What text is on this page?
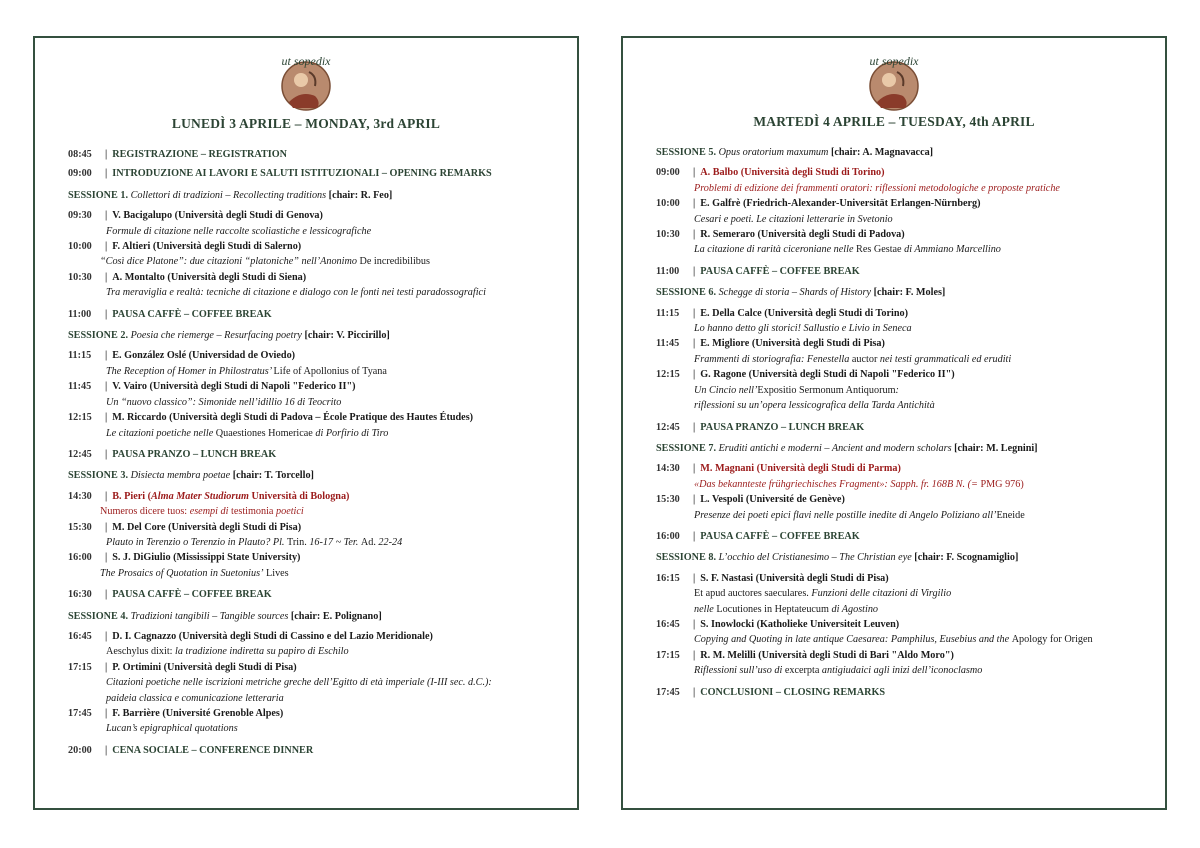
ut sopedix
LUNEDÌ 3 APRILE – MONDAY, 3rd APRIL
08:45	| REGISTRAZIONE – REGISTRATION
09:00	| INTRODUZIONE AI LAVORI E SALUTI ISTITUZIONALI – OPENING REMARKS
SESSIONE 1.
Collettori di tradizioni – Recollecting traditions
[chair: R. Feo]
09:30	| V. Bacigalupo (Università degli Studi di Genova)
Formule di citazione nelle raccolte scoliastiche e lessicografiche
10:00	| F. Altieri (Università degli Studi di Salerno)
“Così dice Platone”: due citazioni “platoniche” nell’Anonimo De incredibilibus
10:30	| A. Montalto (Università degli Studi di Siena)
Tra meraviglia e realtà: tecniche di citazione e dialogo con le fonti nei testi paradossografici
11:00	| PAUSA CAFFÈ – COFFEE BREAK
SESSIONE 2.
Poesia che riemerge – Resurfacing poetry
[chair: V. Piccirillo]
11:15	| E. González Oslé (Universidad de Oviedo)
The Reception of Homer in Philostratus’ Life of Apollonius of Tyana
11:45	| V. Vairo (Università degli Studi di Napoli "Federico II")
Un “nuovo classico”: Simonide nell’idillio 16 di Teocrito
12:15	| M. Riccardo (Università degli Studi di Padova – École Pratique des Hautes Études)
Le citazioni poetiche nelle Quaestiones Homericae di Porfirio di Tiro
12:45	| PAUSA PRANZO – LUNCH BREAK
SESSIONE 3.
Disiecta membra poetae
[chair: T. Torcello]
14:30	| B. Pieri (Alma Mater Studiorum Università di Bologna)
Numeros dicere tuos: esempi di testimonia poetici
15:30	| M. Del Core (Università degli Studi di Pisa)
Plauto in Terenzio o Terenzio in Plauto? Pl. Trin. 16-17 ~ Ter. Ad. 22-24
16:00	| S. J. DiGiulio (Mississippi State University)
The Prosaics of Quotation in Suetonius’ Lives
16:30	| PAUSA CAFFÈ – COFFEE BREAK
SESSIONE 4.
Tradizioni tangibili – Tangible sources
[chair: E. Polignano]
16:45	| D. I. Cagnazzo (Università degli Studi di Cassino e del Lazio Meridionale)
Aeschylus dixit: la tradizione indiretta su papiro di Eschilo
17:15	| P. Ortimini (Università degli Studi di Pisa)
Citazioni poetiche nelle iscrizioni metriche greche dell’Egitto di età imperiale (I-III sec. d.C.):
paideia classica e comunicazione letteraria
17:45	| F. Barrière (Université Grenoble Alpes)
Lucan’s epigraphical quotations
20:00	| CENA SOCIALE – CONFERENCE DINNER
ut sopedix
MARTEDÌ 4 APRILE – TUESDAY, 4th APRIL
SESSIONE 5.
Opus oratorium maxumum
[chair: A. Magnavacca]
09:00	| A. Balbo (Università degli Studi di Torino)
Problemi di edizione dei frammenti oratori: riflessioni metodologiche e proposte pratiche
10:00	| E. Galfrè (Friedrich-Alexander-Universität Erlangen-Nürnberg)
Cesari e poeti. Le citazioni letterarie in Svetonio
10:30	| R. Semeraro (Università degli Studi di Padova)
La citazione di rarità ciceroniane nelle Res Gestae di Ammiano Marcellino
11:00	| PAUSA CAFFÈ – COFFEE BREAK
SESSIONE 6.
Schegge di storia – Shards of History
[chair: F. Moles]
11:15	| E. Della Calce (Università degli Studi di Torino)
Lo hanno detto gli storici! Sallustio e Livio in Seneca
11:45	| E. Migliore (Università degli Studi di Pisa)
Frammenti di storiografia: Fenestella auctor nei testi grammaticali ed eruditi
12:15	| G. Ragone (Università degli Studi di Napoli "Federico II")
Un Cincio nell’Expositio Sermonum Antiquorum:
riflessioni su un’opera lessicografica della Tarda Antichità
12:45	| PAUSA PRANZO – LUNCH BREAK
SESSIONE 7.
Eruditi antichi e moderni – Ancient and modern scholars
[chair: M. Legnini]
14:30	| M. Magnani (Università degli Studi di Parma)
«Das bekannteste frühgriechisches Fragment»: Sapph. fr. 168B N. (= PMG 976)
15:30	| L. Vespoli (Université de Genève)
Presenze dei poeti epici flavi nelle postille inedite di Angelo Poliziano all’Eneide
16:00	| PAUSA CAFFÈ – COFFEE BREAK
SESSIONE 8.
L’occhio del Cristianesimo – The Christian eye
[chair: F. Scognamiglio]
16:15	| S. F. Nastasi (Università degli Studi di Pisa)
Et apud auctores saeculares. Funzioni delle citazioni di Virgilio
nelle Locutiones in Heptateucum di Agostino
16:45	| S. Inowlocki (Katholieke Universiteit Leuven)
Copying and Quoting in late antique Caesarea: Pamphilus, Eusebius and the Apology for Origen
17:15	| R. M. Melilli (Università degli Studi di Bari "Aldo Moro")
Riflessioni sull’uso di excerpta antigiudaici agli inizi dell’iconoclasmo
17:45	| CONCLUSIONI – CLOSING REMARKS
